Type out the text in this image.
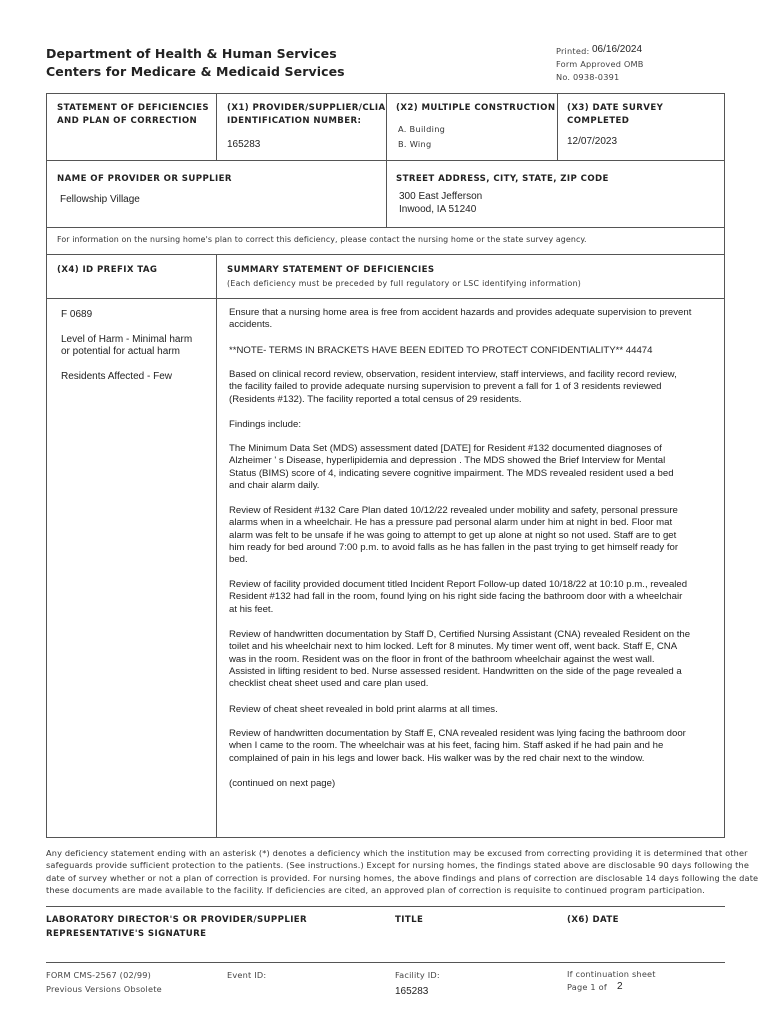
Department of Health & Human Services
Centers for Medicare & Medicaid Services
Printed: 06/16/2024
Form Approved OMB
No. 0938-0391
STATEMENT OF DEFICIENCIES
AND PLAN OF CORRECTION
(X1) PROVIDER/SUPPLIER/CLIA
IDENTIFICATION NUMBER:
165283
(X2) MULTIPLE CONSTRUCTION
A. Building
B. Wing
(X3) DATE SURVEY
COMPLETED
12/07/2023
NAME OF PROVIDER OR SUPPLIER
Fellowship Village
STREET ADDRESS, CITY, STATE, ZIP CODE
300 East Jefferson
Inwood, IA 51240
For information on the nursing home's plan to correct this deficiency, please contact the nursing home or the state survey agency.
(X4) ID PREFIX TAG	SUMMARY STATEMENT OF DEFICIENCIES
(Each deficiency must be preceded by full regulatory or LSC identifying information)
F 0689
Level of Harm - Minimal harm
or potential for actual harm
Residents Affected - Few
Ensure that a nursing home area is free from accident hazards and provides adequate supervision to prevent
accidents.
**NOTE- TERMS IN BRACKETS HAVE BEEN EDITED TO PROTECT CONFIDENTIALITY** 44474
Based on clinical record review, observation, resident interview, staff interviews, and facility record review,
the facility failed to provide adequate nursing supervision to prevent a fall for 1 of 3 residents reviewed
(Residents #132). The facility reported a total census of 29 residents.
Findings include:
The Minimum Data Set (MDS) assessment dated [DATE] for Resident #132 documented diagnoses of
Alzheimer ' s Disease, hyperlipidemia and depression . The MDS showed the Brief Interview for Mental
Status (BIMS) score of 4, indicating severe cognitive impairment. The MDS revealed resident used a bed
and chair alarm daily.
Review of Resident #132 Care Plan dated 10/12/22 revealed under mobility and safety, personal pressure
alarms when in a wheelchair. He has a pressure pad personal alarm under him at night in bed. Floor mat
alarm was felt to be unsafe if he was going to attempt to get up alone at night so not used. Staff are to get
him ready for bed around 7:00 p.m. to avoid falls as he has fallen in the past trying to get himself ready for
bed.
Review of facility provided document titled Incident Report Follow-up dated 10/18/22 at 10:10 p.m., revealed
Resident #132 had fall in the room, found lying on his right side facing the bathroom door with a wheelchair
at his feet.
Review of handwritten documentation by Staff D, Certified Nursing Assistant (CNA) revealed Resident on the
toilet and his wheelchair next to him locked. Left for 8 minutes. My timer went off, went back. Staff E, CNA
was in the room. Resident was on the floor in front of the bathroom wheelchair against the west wall.
Assisted in lifting resident to bed. Nurse assessed resident. Handwritten on the side of the page revealed a
checklist cheat sheet used and care plan used.
Review of cheat sheet revealed in bold print alarms at all times.
Review of handwritten documentation by Staff E, CNA revealed resident was lying facing the bathroom door
when I came to the room. The wheelchair was at his feet, facing him. Staff asked if he had pain and he
complained of pain in his legs and lower back. His walker was by the red chair next to the window.
(continued on next page)
Any deficiency statement ending with an asterisk (*) denotes a deficiency which the institution may be excused from correcting providing it is determined that other
safeguards provide sufficient protection to the patients. (See instructions.) Except for nursing homes, the findings stated above are disclosable 90 days following the
date of survey whether or not a plan of correction is provided. For nursing homes, the above findings and plans of correction are disclosable 14 days following the date
these documents are made available to the facility. If deficiencies are cited, an approved plan of correction is requisite to continued program participation.
LABORATORY DIRECTOR'S OR PROVIDER/SUPPLIER
REPRESENTATIVE'S SIGNATURE
TITLE	(X6) DATE
FORM CMS-2567 (02/99)
Previous Versions Obsolete
Event ID:	Facility ID:
165283
If continuation sheet
Page 1 of 2
